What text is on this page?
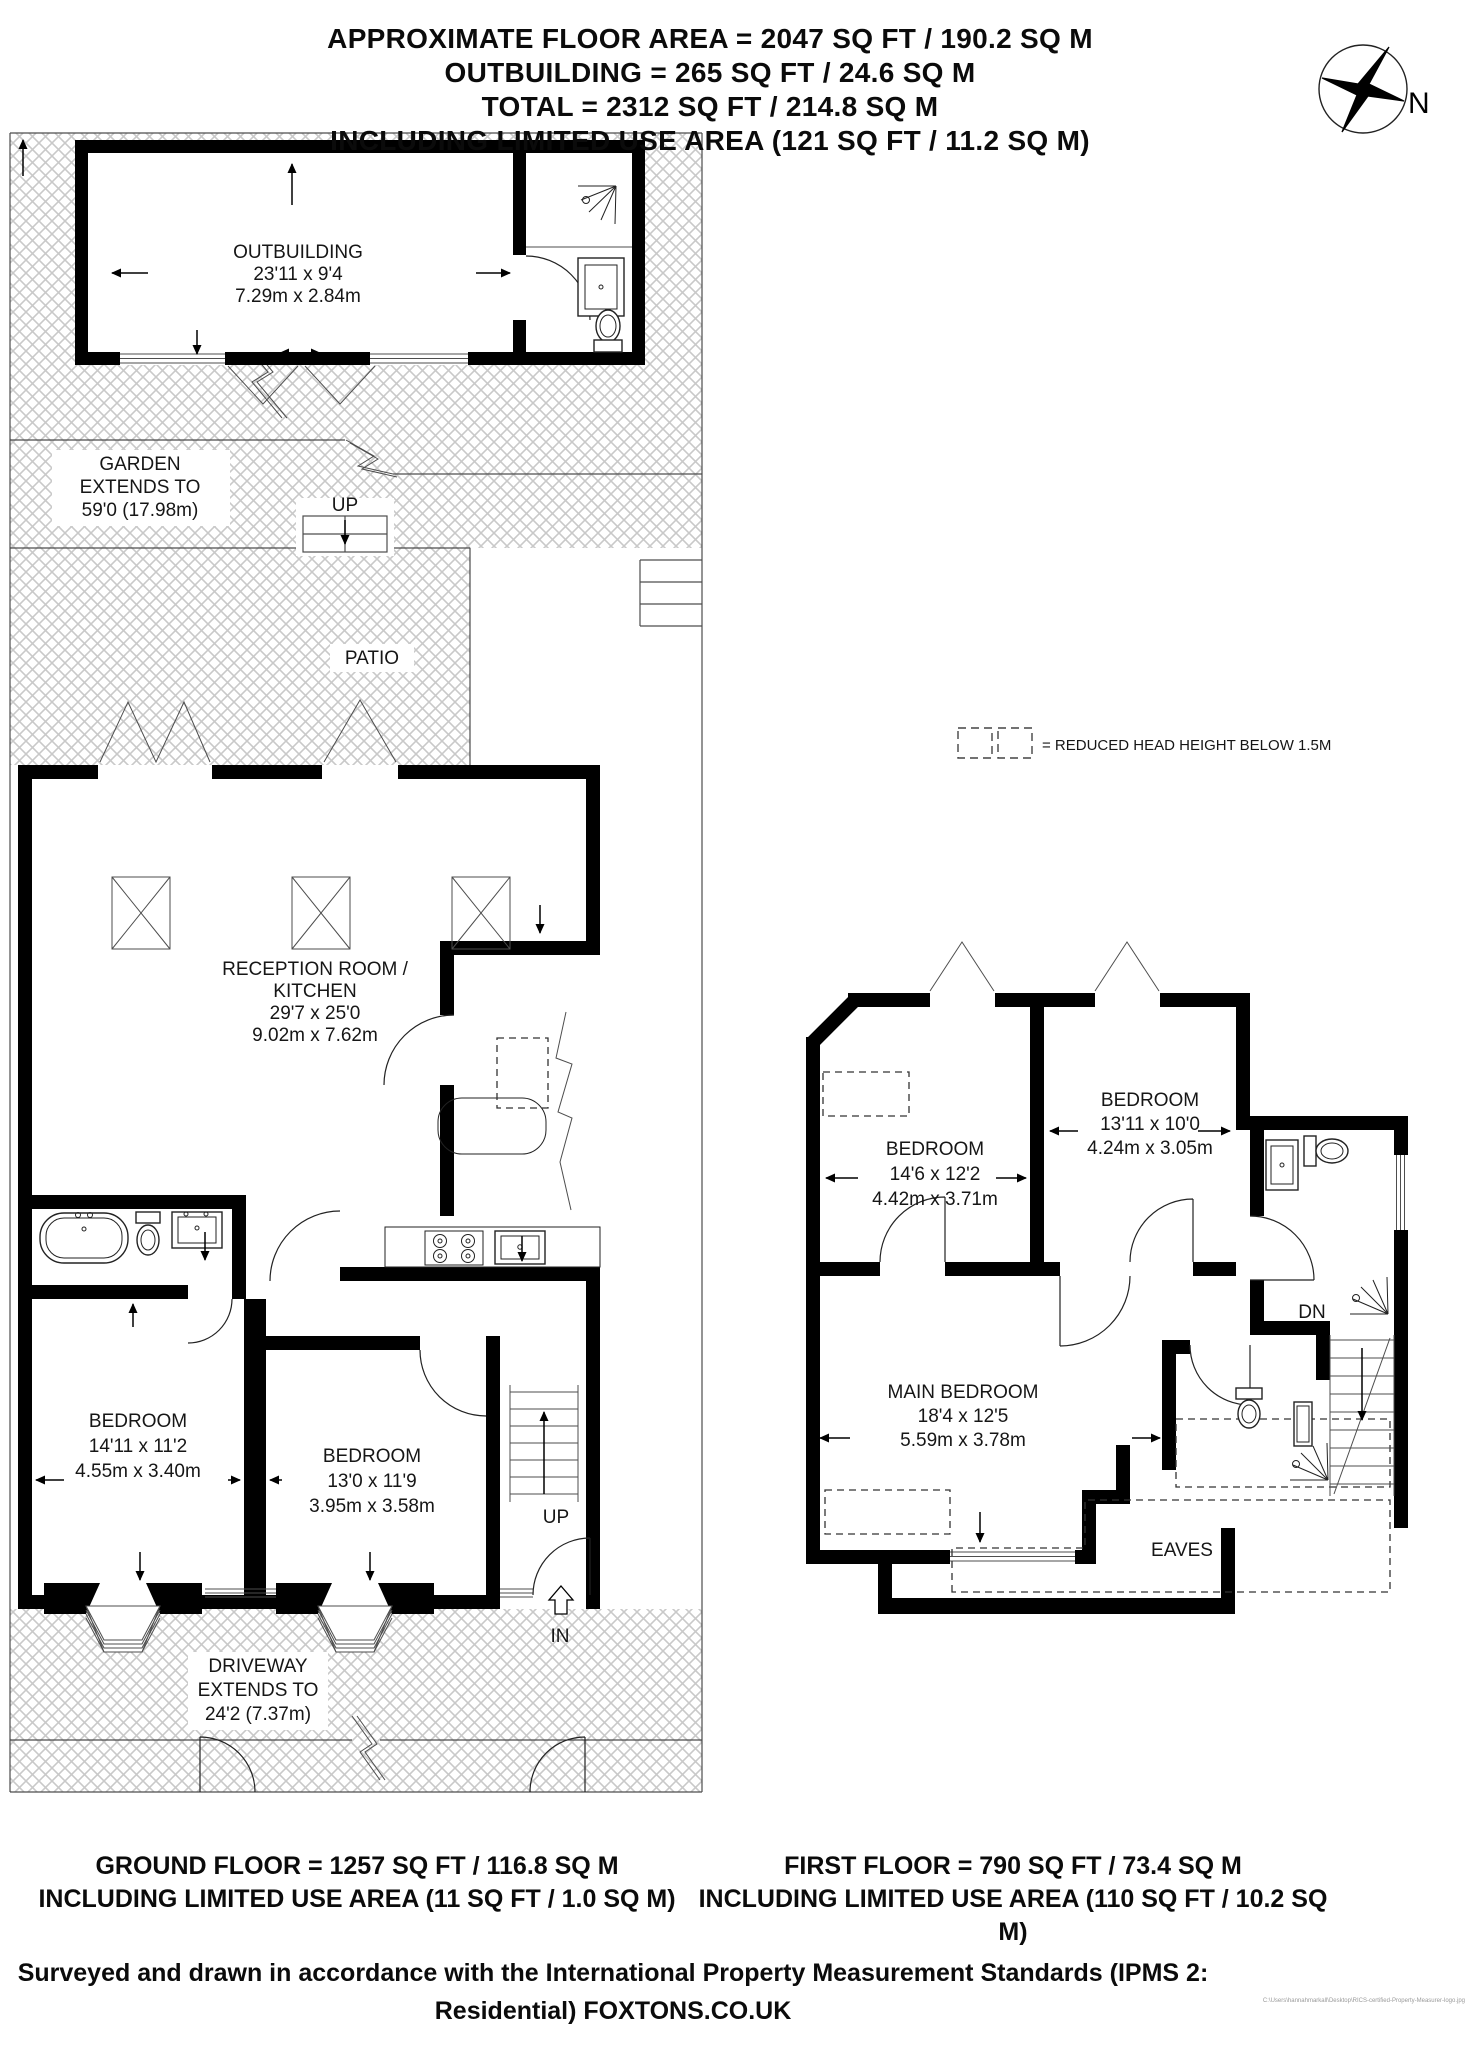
= REDUCED HEAD HEIGHT BELOW 1.5M
N
OUTBUILDING
23'11 x 9'4
7.29m x 2.84m
GARDEN
EXTENDS TO
59'0 (17.98m)	UP
PATIO
RECEPTION ROOM /
KITCHEN
29'7 x 25'0
9.02m x 7.62m
BEDROOM
14'11 x 11'2
4.55m x 3.40m
BEDROOM
13'0 x 11'9
3.95m x 3.58m
UP
IN
DRIVEWAY
EXTENDS TO
24'2 (7.37m)
BEDROOM
14'6 x 12'2
4.42m x 3.71m
BEDROOM
13'11 x 10'0
4.24m x 3.05m
MAIN BEDROOM
18'4 x 12'5
5.59m x 3.78m
DN
EAVES
APPROXIMATE FLOOR AREA = 2047 SQ FT / 190.2 SQ M
OUTBUILDING = 265 SQ FT / 24.6 SQ M
TOTAL = 2312 SQ FT / 214.8 SQ M
INCLUDING LIMITED USE AREA (121 SQ FT / 11.2 SQ M)
GROUND FLOOR = 1257 SQ FT / 116.8 SQ M
INCLUDING LIMITED USE AREA (11 SQ FT / 1.0 SQ M)
FIRST FLOOR = 790 SQ FT / 73.4 SQ M
INCLUDING LIMITED USE AREA (110 SQ FT / 10.2 SQ M)
Surveyed and drawn in accordance with the International Property Measurement Standards (IPMS 2:
Residential) FOXTONS.CO.UK	C:\Users\hannahmarkall\Desktop\RICS-certified-Property-Measurer-logo.jpg
